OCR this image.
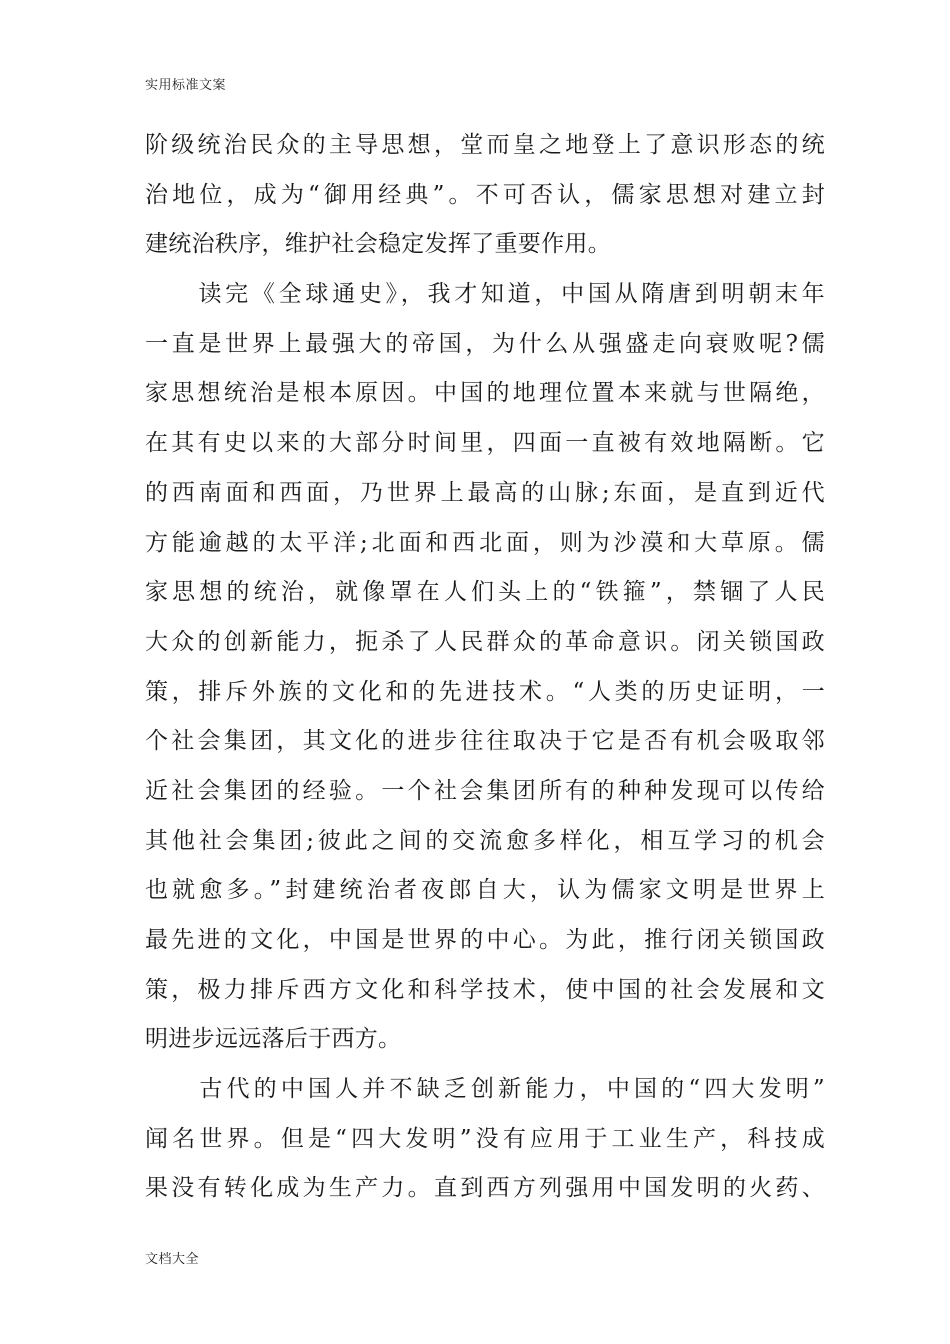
实用标准文案
阶级统治民众的主导思想，堂而皇之地登上了意识形态的统
治地位，成为“御用经典”。不可否认，儒家思想对建立封
建统治秩序，维护社会稳定发挥了重要作用。
　　读完《全球通史》，我才知道，中国从隋唐到明朝末年
一直是世界上最强大的帝国，为什么从强盛走向衰败呢?儒
家思想统治是根本原因。中国的地理位置本来就与世隔绝，
在其有史以来的大部分时间里，四面一直被有效地隔断。它
的西南面和西面，乃世界上最高的山脉;东面，是直到近代
方能逾越的太平洋;北面和西北面，则为沙漠和大草原。儒
家思想的统治，就像罩在人们头上的“铁箍”，禁锢了人民
大众的创新能力，扼杀了人民群众的革命意识。闭关锁国政
策，排斥外族的文化和的先进技术。“人类的历史证明，一
个社会集团，其文化的进步往往取决于它是否有机会吸取邻
近社会集团的经验。一个社会集团所有的种种发现可以传给
其他社会集团;彼此之间的交流愈多样化，相互学习的机会
也就愈多。”封建统治者夜郎自大，认为儒家文明是世界上
最先进的文化，中国是世界的中心。为此，推行闭关锁国政
策，极力排斥西方文化和科学技术，使中国的社会发展和文
明进步远远落后于西方。
　　古代的中国人并不缺乏创新能力，中国的“四大发明”
闻名世界。但是“四大发明”没有应用于工业生产，科技成
果没有转化成为生产力。直到西方列强用中国发明的火药、
文档大全
